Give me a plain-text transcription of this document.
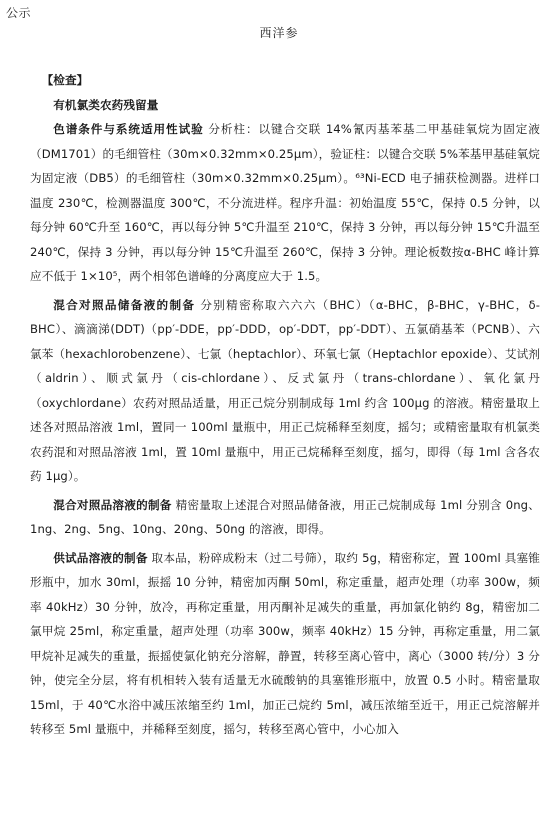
公示
西洋参

【检查】

有机氯类农药残留量

色谱条件与系统适用性试验 分析柱：以键合交联 14%氰丙基苯基二甲基硅氧烷为固定液（DM1701）的毛细管柱（30m×0.32mm×0.25μm），验证柱：以键合交联 5%苯基甲基硅氧烷为固定液（DB5）的毛细管柱（30m×0.32mm×0.25μm）。⁶³Ni-ECD 电子捕获检测器。进样口温度 230℃，检测器温度 300℃，不分流进样。程序升温：初始温度 55℃，保持 0.5 分钟，以每分钟 60℃升至 160℃，再以每分钟 5℃升温至 210℃，保持 3 分钟，再以每分钟 15℃升温至 240℃，保持 3 分钟，再以每分钟 15℃升温至 260℃，保持 3 分钟。理论板数按α-BHC 峰计算应不低于 1×10⁵，两个相邻色谱峰的分离度应大于 1.5。

混合对照品储备液的制备 分别精密称取六六六（BHC）（α-BHC，β-BHC，γ-BHC，δ-BHC）、滴滴涕(DDT)（pp′-DDE，pp′-DDD，op′-DDT，pp′-DDT）、五氯硝基苯（PCNB）、六氯苯（hexachlorobenzene）、七氯（heptachlor）、环氧七氯（Heptachlor epoxide）、艾试剂（aldrin）、顺式氯丹（cis-chlordane）、反式氯丹（trans-chlordane）、氧化氯丹（oxychlordane）农药对照品适量，用正己烷分别制成每 1ml 约含 100μg 的溶液。精密量取上述各对照品溶液 1ml，置同一 100ml 量瓶中，用正己烷稀释至刻度，摇匀；或精密量取有机氯类农药混和对照品溶液 1ml，置 10ml 量瓶中，用正己烷稀释至刻度，摇匀，即得（每 1ml 含各农药 1μg）。

混合对照品溶液的制备 精密量取上述混合对照品储备液，用正己烷制成每 1ml 分别含 0ng、1ng、2ng、5ng、10ng、20ng、50ng 的溶液，即得。

供试品溶液的制备 取本品，粉碎成粉末（过二号筛），取约 5g，精密称定，置 100ml 具塞锥形瓶中，加水 30ml，振摇 10 分钟，精密加丙酮 50ml，称定重量，超声处理（功率 300w，频率 40kHz）30 分钟，放冷，再称定重量，用丙酮补足减失的重量，再加氯化钠约 8g，精密加二氯甲烷 25ml，称定重量，超声处理（功率 300w，频率 40kHz）15 分钟，再称定重量，用二氯甲烷补足减失的重量，振摇使氯化钠充分溶解，静置，转移至离心管中，离心（3000 转/分）3 分钟，使完全分层，将有机相转入装有适量无水硫酸钠的具塞锥形瓶中，放置 0.5 小时。精密量取 15ml，于 40℃水浴中减压浓缩至约 1ml，加正己烷约 5ml，减压浓缩至近干，用正己烷溶解并转移至 5ml 量瓶中，并稀释至刻度，摇匀，转移至离心管中，小心加入
